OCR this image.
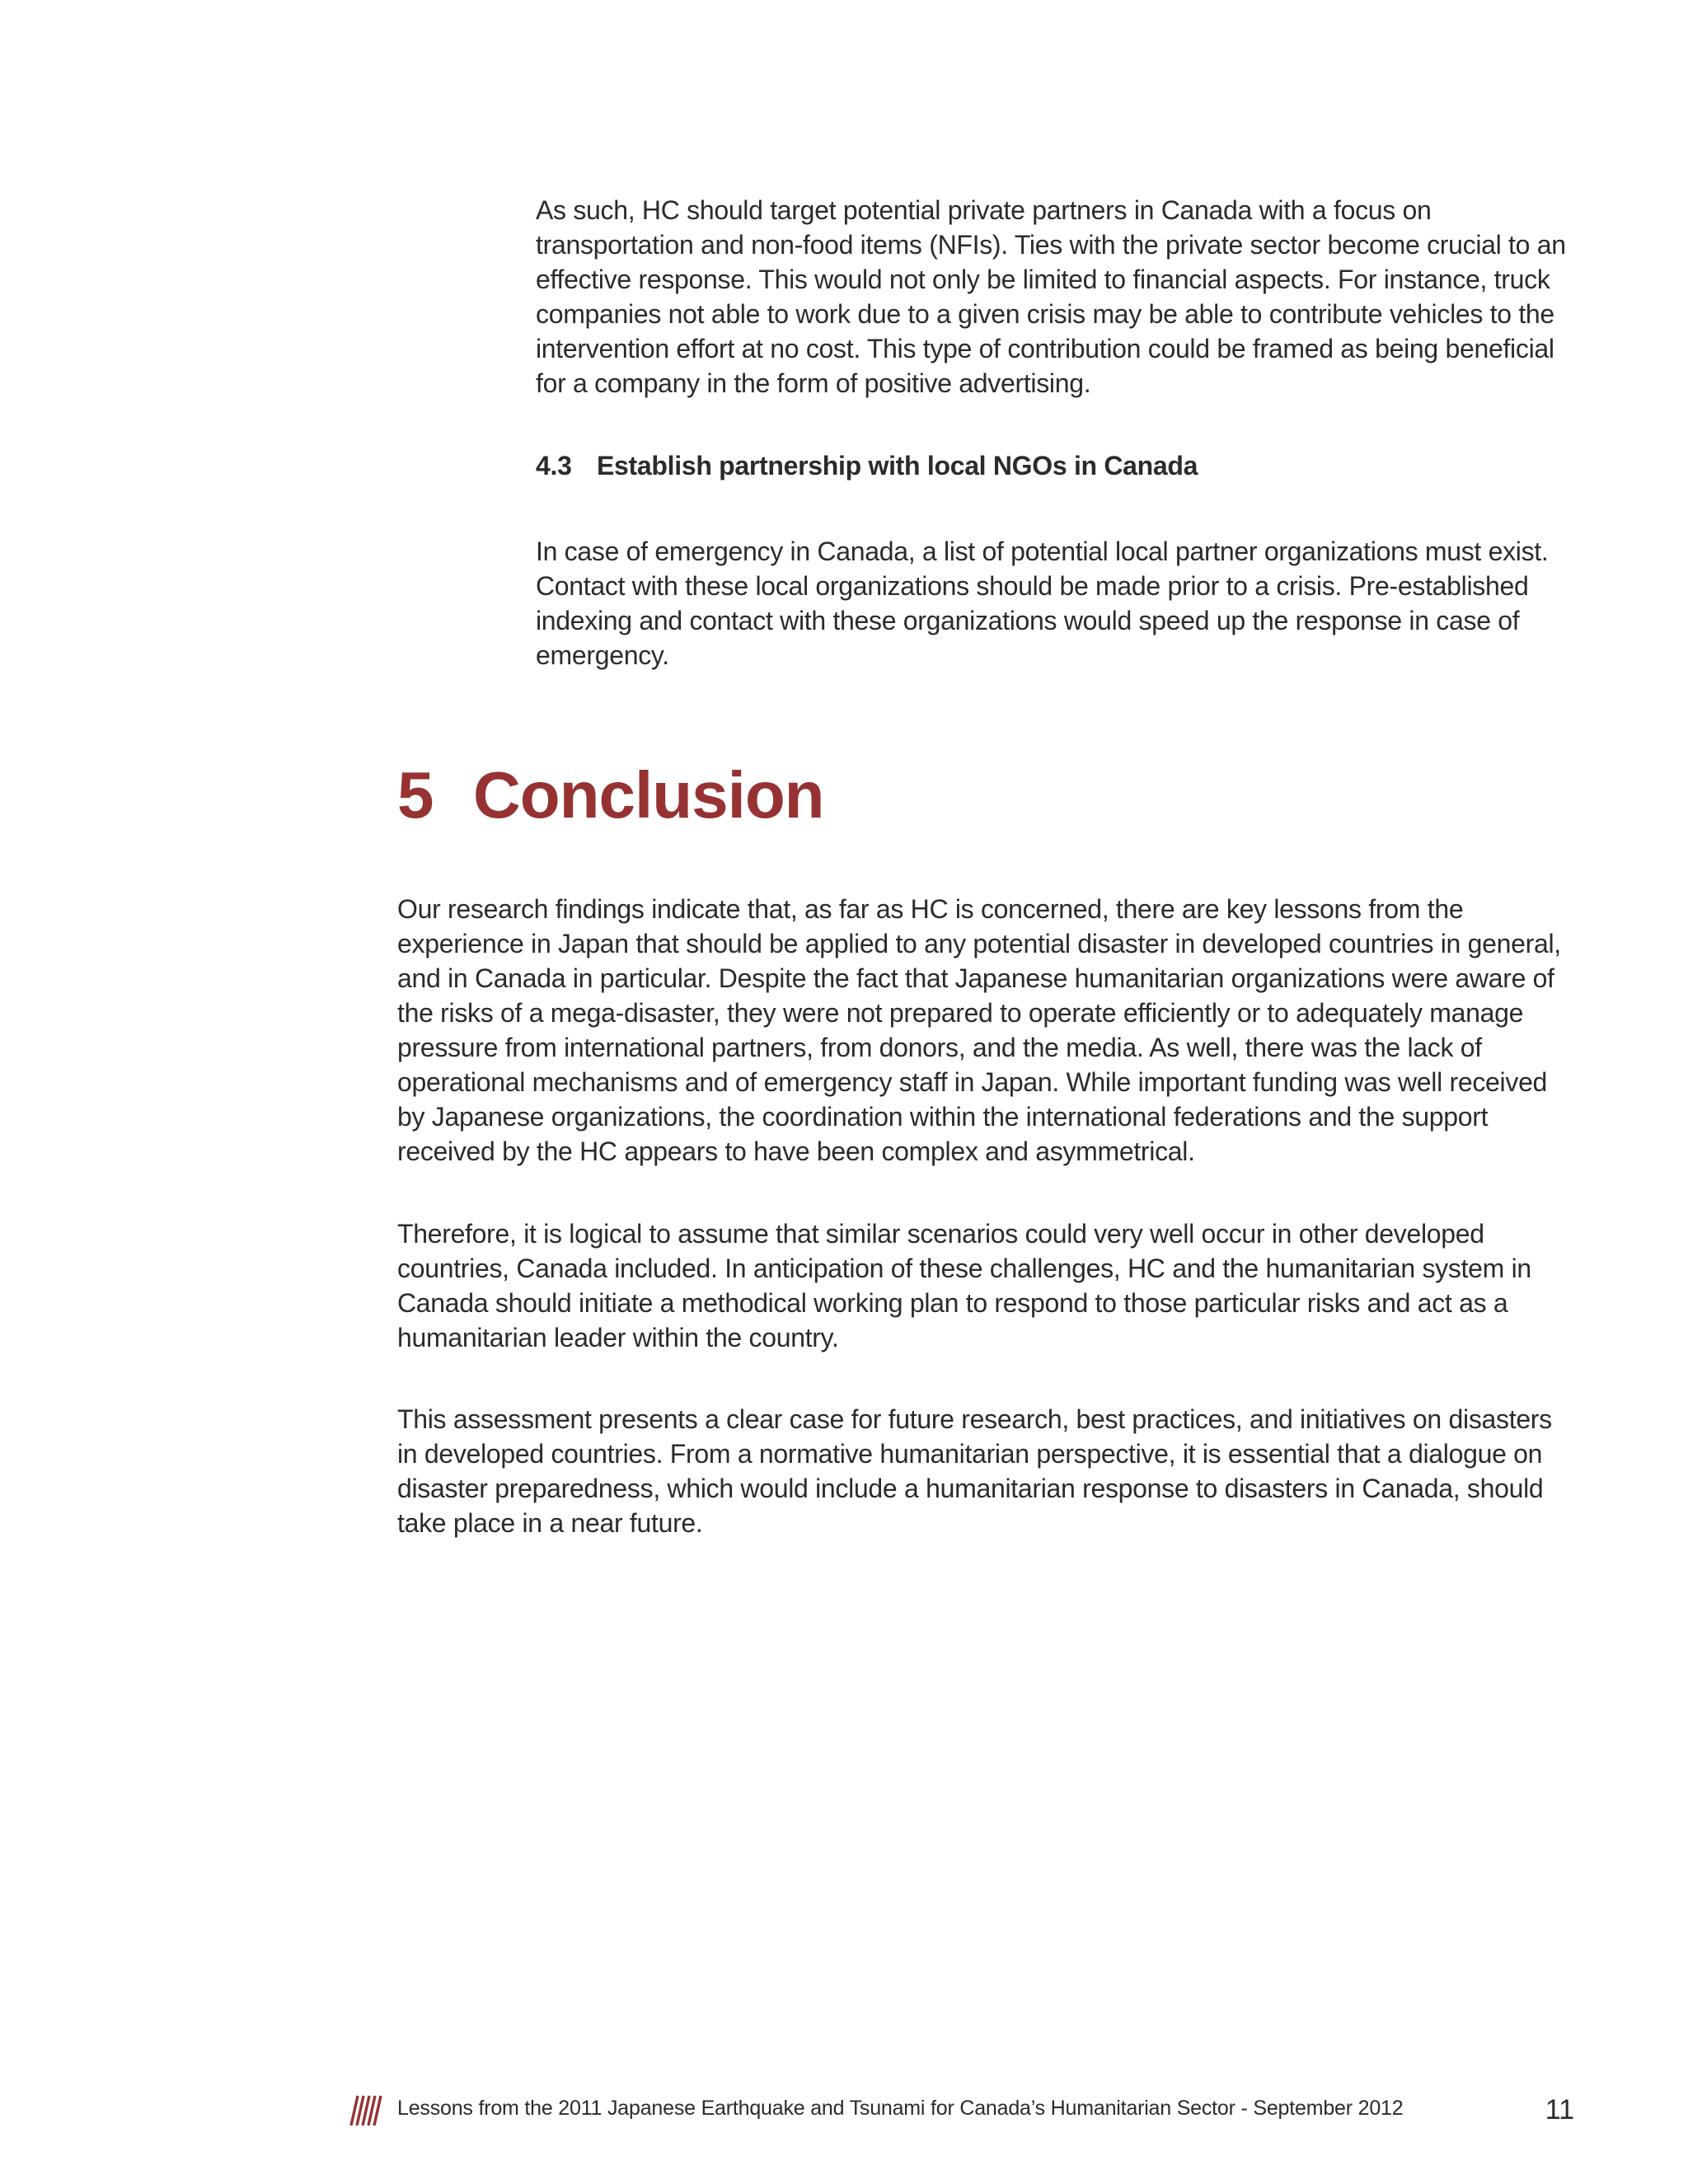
As such, HC should target potential private partners in Canada with a focus on transportation and non-food items (NFIs). Ties with the private sector become crucial to an effective response. This would not only be limited to financial aspects. For instance, truck companies not able to work due to a given crisis may be able to contribute vehicles to the intervention effort at no cost. This type of contribution could be framed as being beneficial for a company in the form of positive advertising.

4.3 Establish partnership with local NGOs in Canada

In case of emergency in Canada, a list of potential local partner organizations must exist. Contact with these local organizations should be made prior to a crisis. Pre-established indexing and contact with these organizations would speed up the response in case of emergency.

5 Conclusion

Our research findings indicate that, as far as HC is concerned, there are key lessons from the experience in Japan that should be applied to any potential disaster in developed countries in general, and in Canada in particular. Despite the fact that Japanese humanitarian organizations were aware of the risks of a mega-disaster, they were not prepared to operate efficiently or to adequately manage pressure from international partners, from donors, and the media. As well, there was the lack of operational mechanisms and of emergency staff in Japan. While important funding was well received by Japanese organizations, the coordination within the international federations and the support received by the HC appears to have been complex and asymmetrical.

Therefore, it is logical to assume that similar scenarios could very well occur in other developed countries, Canada included. In anticipation of these challenges, HC and the humanitarian system in Canada should initiate a methodical working plan to respond to those particular risks and act as a humanitarian leader within the country.

This assessment presents a clear case for future research, best practices, and initiatives on disasters in developed countries. From a normative humanitarian perspective, it is essential that a dialogue on disaster preparedness, which would include a humanitarian response to disasters in Canada, should take place in a near future.

Lessons from the 2011 Japanese Earthquake and Tsunami for Canada’s Humanitarian Sector - September 2012	11
